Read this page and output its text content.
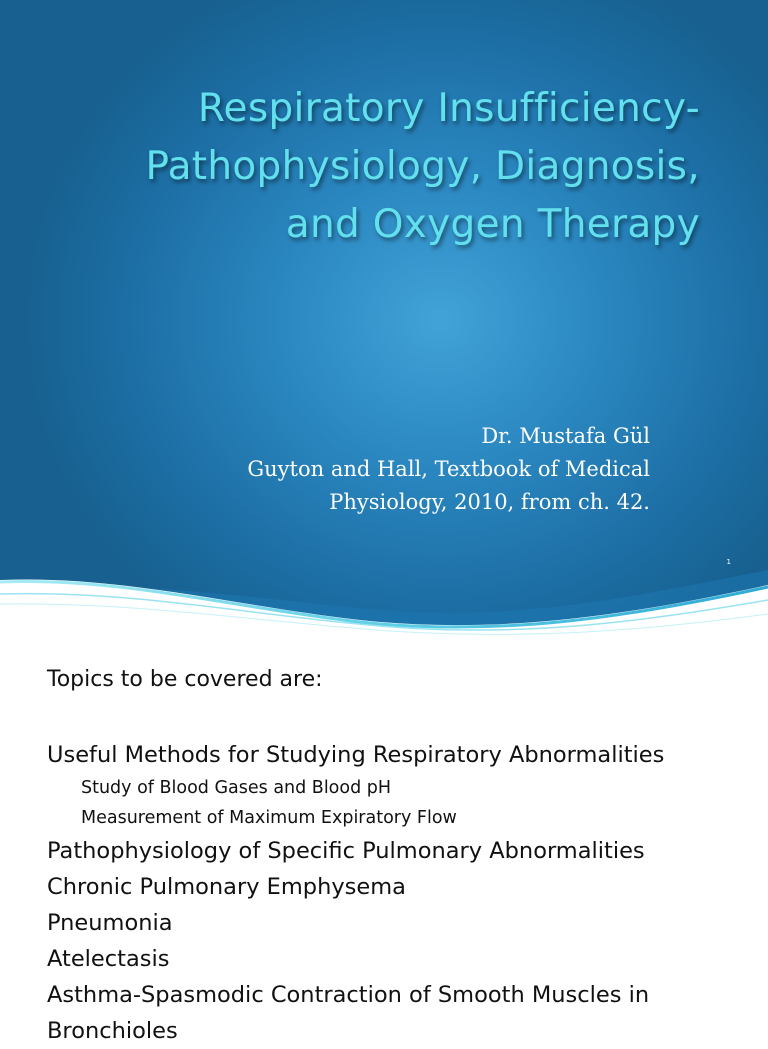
Respiratory Insufficiency-
Pathophysiology, Diagnosis,
and Oxygen Therapy
Dr. Mustafa Gül
Guyton and Hall, Textbook of Medical
Physiology, 2010, from ch. 42.
1
Topics to be covered are:
Useful Methods for Studying Respiratory Abnormalities
Study of Blood Gases and Blood pH
Measurement of Maximum Expiratory Flow
Pathophysiology of Specific Pulmonary Abnormalities
Chronic Pulmonary Emphysema
Pneumonia
Atelectasis
Asthma-Spasmodic Contraction of Smooth Muscles in
Bronchioles
